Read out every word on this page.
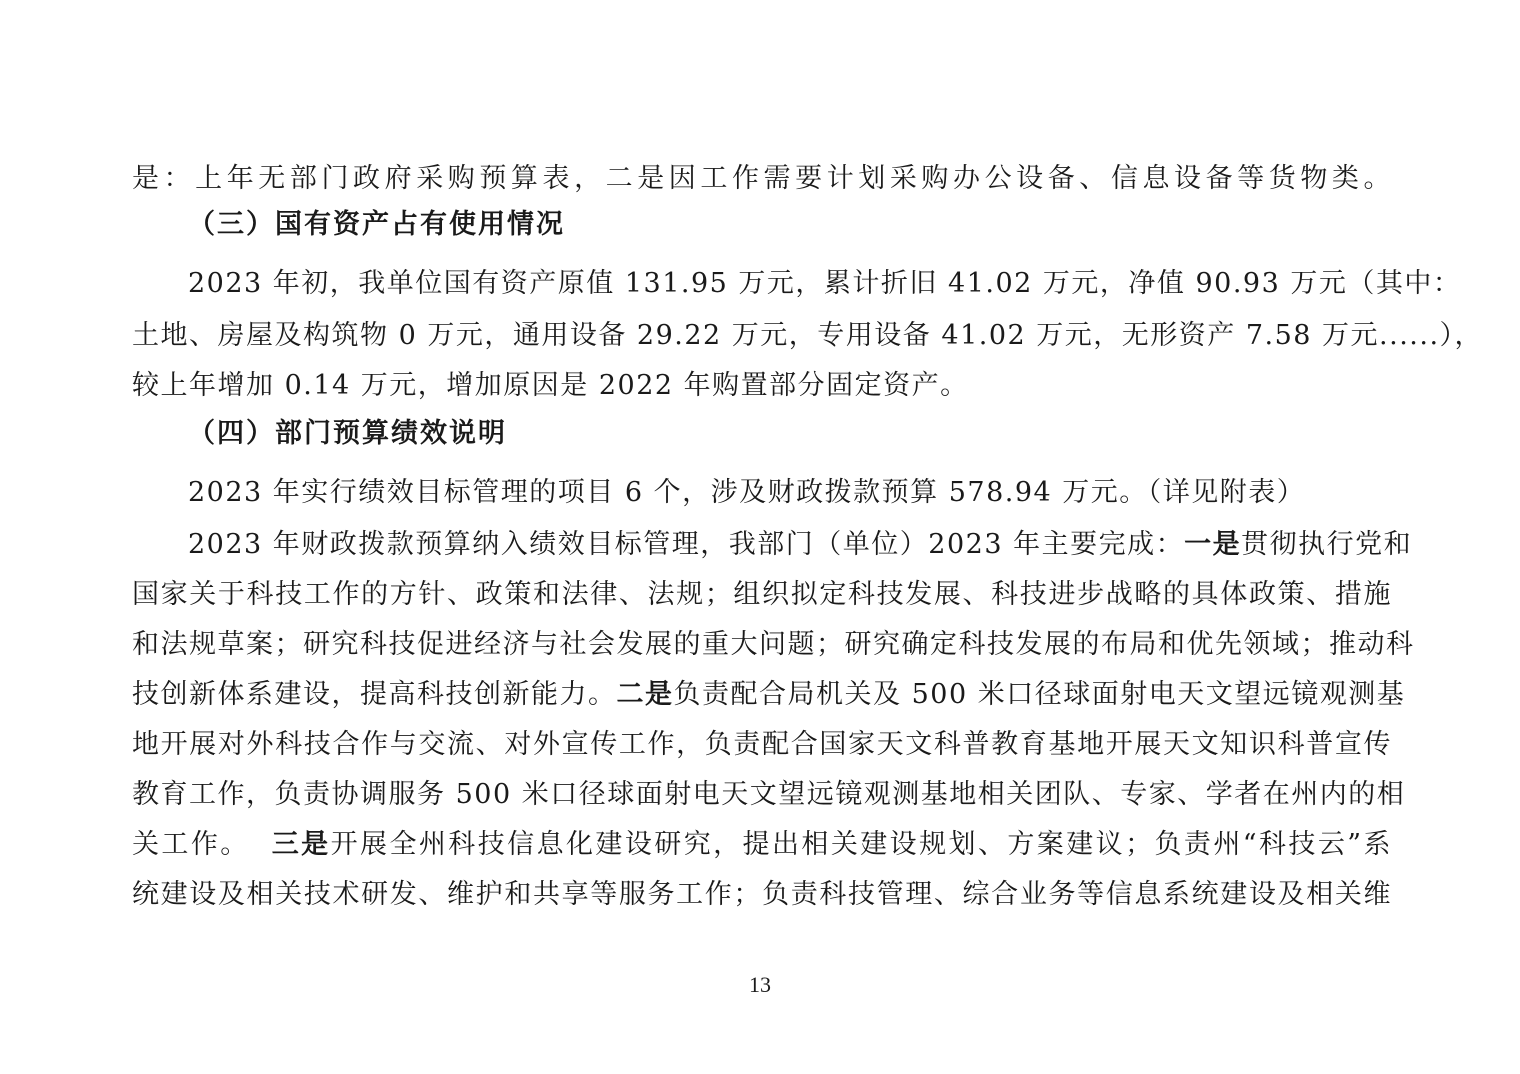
是：上年无部门政府采购预算表，二是因工作需要计划采购办公设备、信息设备等货物类。
（三）国有资产占有使用情况
2023 年初，我单位国有资产原值 131.95 万元，累计折旧 41.02 万元，净值 90.93 万元（其中：
土地、房屋及构筑物 0 万元，通用设备 29.22 万元，专用设备 41.02 万元，无形资产 7.58 万元......），
较上年增加 0.14 万元，增加原因是 2022 年购置部分固定资产。
（四）部门预算绩效说明
2023 年实行绩效目标管理的项目 6 个，涉及财政拨款预算 578.94 万元。（详见附表）
2023 年财政拨款预算纳入绩效目标管理，我部门（单位）2023 年主要完成：一是贯彻执行党和
国家关于科技工作的方针、政策和法律、法规；组织拟定科技发展、科技进步战略的具体政策、措施
和法规草案；研究科技促进经济与社会发展的重大问题；研究确定科技发展的布局和优先领域；推动科
技创新体系建设，提高科技创新能力。二是负责配合局机关及 500 米口径球面射电天文望远镜观测基
地开展对外科技合作与交流、对外宣传工作，负责配合国家天文科普教育基地开展天文知识科普宣传
教育工作，负责协调服务 500 米口径球面射电天文望远镜观测基地相关团队、专家、学者在州内的相
关工作。 三是开展全州科技信息化建设研究，提出相关建设规划、方案建议；负责州“科技云”系
统建设及相关技术研发、维护和共享等服务工作；负责科技管理、综合业务等信息系统建设及相关维
13
